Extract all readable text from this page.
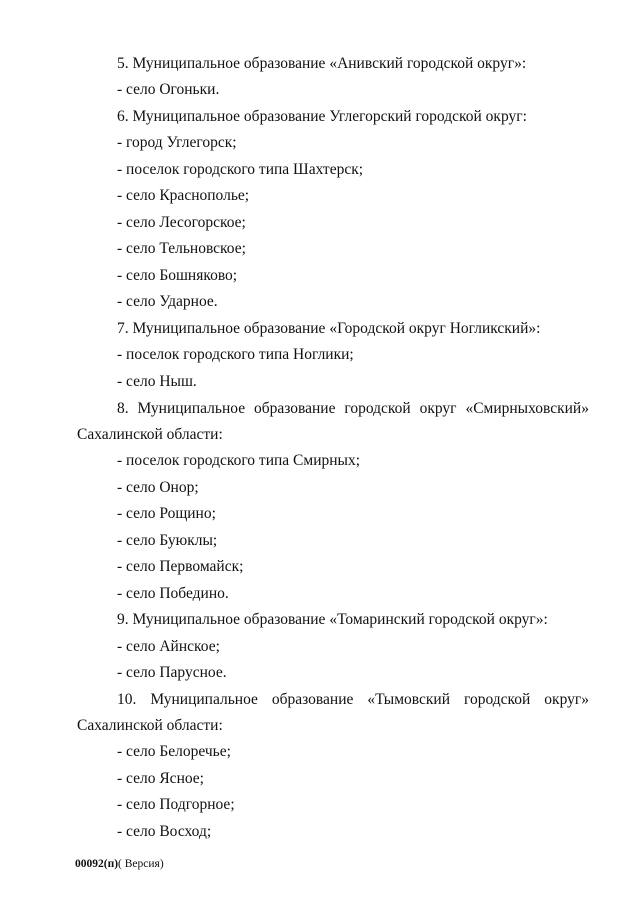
5. Муниципальное образование «Анивский городской округ»:
- село Огоньки.
6. Муниципальное образование Углегорский городской округ:
- город Углегорск;
- поселок городского типа Шахтерск;
- село Краснополье;
- село Лесогорское;
- село Тельновское;
- село Бошняково;
- село Ударное.
7. Муниципальное образование «Городской округ Ногликский»:
- поселок городского типа Ноглики;
- село Ныш.
8. Муниципальное образование городской округ «Смирныховский»
Сахалинской области:
- поселок городского типа Смирных;
- село Онор;
- село Рощино;
- село Буюклы;
- село Первомайск;
- село Победино.
9. Муниципальное образование «Томаринский городской округ»:
- село Айнское;
- село Парусное.
10. Муниципальное образование «Тымовский городской округ»
Сахалинской области:
- село Белоречье;
- село Ясное;
- село Подгорное;
- село Восход;
00092(п)( Версия)
